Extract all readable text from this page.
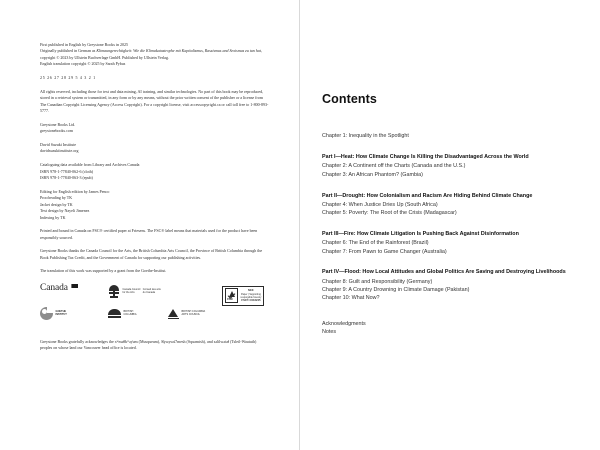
First published in English by Greystone Books in 2025

Originally published in German as Klimaungerechtigkeit: Wie die Klimakatastrophe mit Kapitalismus, Rassismus and Sexismus zu tun hat, copyright © 2023 by Ullstein Buchverlage GmbH. Published by Ullstein Verlag.

English translation copyright © 2025 by Sarah Pybus

25 26 27 28 29 5 4 3 2 1

All rights reserved, including those for text and data mining, AI training, and similar technologies. No part of this book may be reproduced, stored in a retrieval system or transmitted, in any form or by any means, without the prior written consent of the publisher or a license from The Canadian Copyright Licensing Agency (Access Copyright). For a copyright license, visit accesscopyright.ca or call toll free to 1-800-893-5777.

Greystone Books Ltd.

greystonebooks.com

David Suzuki Institute

davidsuzukiinstitute.org

Cataloguing data available from Library and Archives Canada

ISBN 978-1-77840-062-6 (cloth)

ISBN 978-1-77840-063-3 (epub)

Editing for English edition by James Penco

Proofreading by TK

Jacket design by TK

Text design by Nayeli Jimenez

Indexing by TK

Printed and bound in Canada on FSC® certified paper at Friesens. The FSC® label means that materials used for the product have been responsibly sourced.

Greystone Books thanks the Canada Council for the Arts, the British Columbia Arts Council, the Province of British Columbia through the Book Publishing Tax Credit, and the Government of Canada for supporting our publishing activities.

The translation of this work was supported by a grant from the Goethe-Institut.

Canada
GOETHE
INSTITUT
Canada Council
for the Arts
Conseil des arts
du Canada
BRITISH
COLUMBIA
BRITISH COLUMBIA
ARTS COUNCIL
FSC
MIX
Paper | Supporting
responsible forestry
FSC® C016245

Greystone Books gratefully acknowledges the xʷməθkʷəy̓əm (Musqueam), Sḵwx̱wú7mesh (Squamish), and səlilwətaɬ (Tsleil-Waututh) peoples on whose land our Vancouver head office is located.

Contents

Chapter 1: Inequality in the Spotlight

Part I—Heat: How Climate Change Is Killing the Disadvantaged Across the World

Chapter 2: A Continent off the Charts (Canada and the U.S.)

Chapter 3: An African Phantom? (Gambia)

Part II—Drought: How Colonialism and Racism Are Hiding Behind Climate Change

Chapter 4: When Justice Dries Up (South Africa)

Chapter 5: Poverty: The Root of the Crisis (Madagascar)

Part III—Fire: How Climate Litigation Is Pushing Back Against Disinformation

Chapter 6: The End of the Rainforest (Brazil)

Chapter 7: From Pawn to Game Changer (Australia)

Part IV—Flood: How Local Attitudes and Global Politics Are Saving and Destroying Livelihoods

Chapter 8: Guilt and Responsibility (Germany)

Chapter 9: A Country Drowning in Climate Damage (Pakistan)

Chapter 10: What Now?

Acknowledgments

Notes
